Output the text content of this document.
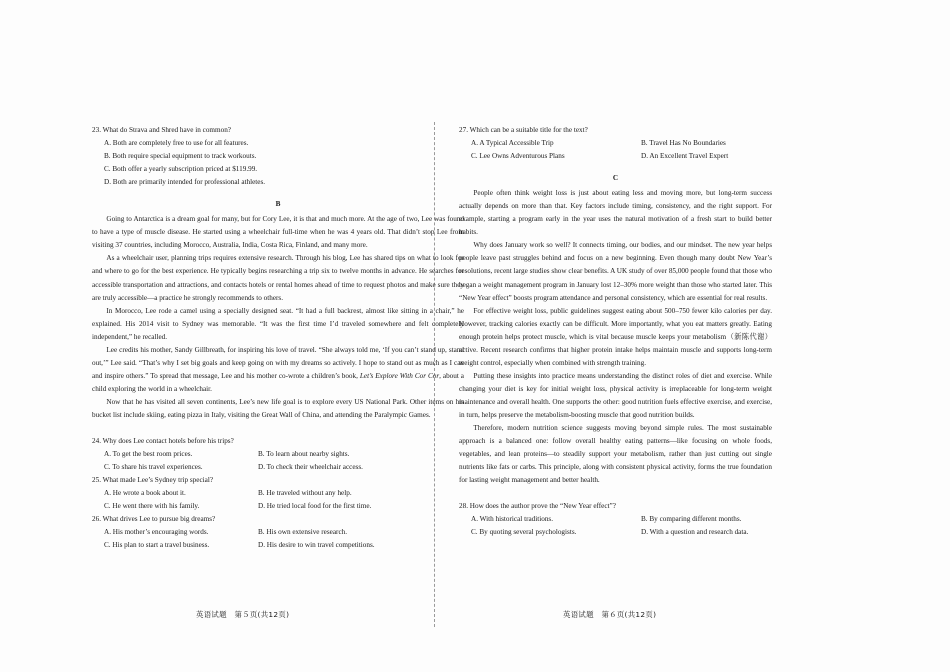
23. What do Strava and Shred have in common?
A. Both are completely free to use for all features.
B. Both require special equipment to track workouts.
C. Both offer a yearly subscription priced at $119.99.
D. Both are primarily intended for professional athletes.
B

Going to Antarctica is a dream goal for many, but for Cory Lee, it is that and much more. At the age of two, Lee was found to have a type of muscle disease. He started using a wheelchair full-time when he was 4 years old. That didn’t stop Lee from visiting 37 countries, including Morocco, Australia, India, Costa Rica, Finland, and many more.

As a wheelchair user, planning trips requires extensive research. Through his blog, Lee has shared tips on what to look for and where to go for the best experience. He typically begins researching a trip six to twelve months in advance. He searches for accessible transportation and attractions, and contacts hotels or rental homes ahead of time to request photos and make sure they are truly accessible—a practice he strongly recommends to others.

In Morocco, Lee rode a camel using a specially designed seat. “It had a full backrest, almost like sitting in a chair,” he explained. His 2014 visit to Sydney was memorable. “It was the first time I’d traveled somewhere and felt completely independent,” he recalled.

Lee credits his mother, Sandy Gillbreath, for inspiring his love of travel. “She always told me, ‘If you can’t stand up, stand out,’” Lee said. “That’s why I set big goals and keep going on with my dreams so actively. I hope to stand out as much as I can and inspire others.” To spread that message, Lee and his mother co-wrote a children’s book, Let’s Explore With Cor Cor, about a child exploring the world in a wheelchair.

Now that he has visited all seven continents, Lee’s new life goal is to explore every US National Park. Other items on his bucket list include skiing, eating pizza in Italy, visiting the Great Wall of China, and attending the Paralympic Games.

24. Why does Lee contact hotels before his trips?
A. To get the best room prices.	B. To learn about nearby sights.
C. To share his travel experiences.	D. To check their wheelchair access.
25. What made Lee’s Sydney trip special?
A. He wrote a book about it.	B. He traveled without any help.
C. He went there with his family.	D. He tried local food for the first time.
26. What drives Lee to pursue big dreams?
A. His mother’s encouraging words.	B. His own extensive research.
C. His plan to start a travel business.	D. His desire to win travel competitions.
27. Which can be a suitable title for the text?
A. A Typical Accessible Trip	B. Travel Has No Boundaries
C. Lee Owns Adventurous Plans	D. An Excellent Travel Expert
C

People often think weight loss is just about eating less and moving more, but long-term success actually depends on more than that. Key factors include timing, consistency, and the right support. For example, starting a program early in the year uses the natural motivation of a fresh start to build better habits.

Why does January work so well? It connects timing, our bodies, and our mindset. The new year helps people leave past struggles behind and focus on a new beginning. Even though many doubt New Year’s resolutions, recent large studies show clear benefits. A UK study of over 85,000 people found that those who began a weight management program in January lost 12–30% more weight than those who started later. This “New Year effect” boosts program attendance and personal consistency, which are essential for real results.

For effective weight loss, public guidelines suggest eating about 500–750 fewer kilo calories per day. However, tracking calories exactly can be difficult. More importantly, what you eat matters greatly. Eating enough protein helps protect muscle, which is vital because muscle keeps your metabolism（新陈代谢）active. Recent research confirms that higher protein intake helps maintain muscle and supports long-term weight control, especially when combined with strength training.

Putting these insights into practice means understanding the distinct roles of diet and exercise. While changing your diet is key for initial weight loss, physical activity is irreplaceable for long-term weight maintenance and overall health. One supports the other: good nutrition fuels effective exercise, and exercise, in turn, helps preserve the metabolism-boosting muscle that good nutrition builds.

Therefore, modern nutrition science suggests moving beyond simple rules. The most sustainable approach is a balanced one: follow overall healthy eating patterns—like focusing on whole foods, vegetables, and lean proteins—to steadily support your metabolism, rather than just cutting out single nutrients like fats or carbs. This principle, along with consistent physical activity, forms the true foundation for lasting weight management and better health.

28. How does the author prove the “New Year effect”?
A. With historical traditions.	B. By comparing different months.
C. By quoting several psychologists.	D. With a question and research data.
英语试题　第５页(共12页)	英语试题　第６页(共12页)
